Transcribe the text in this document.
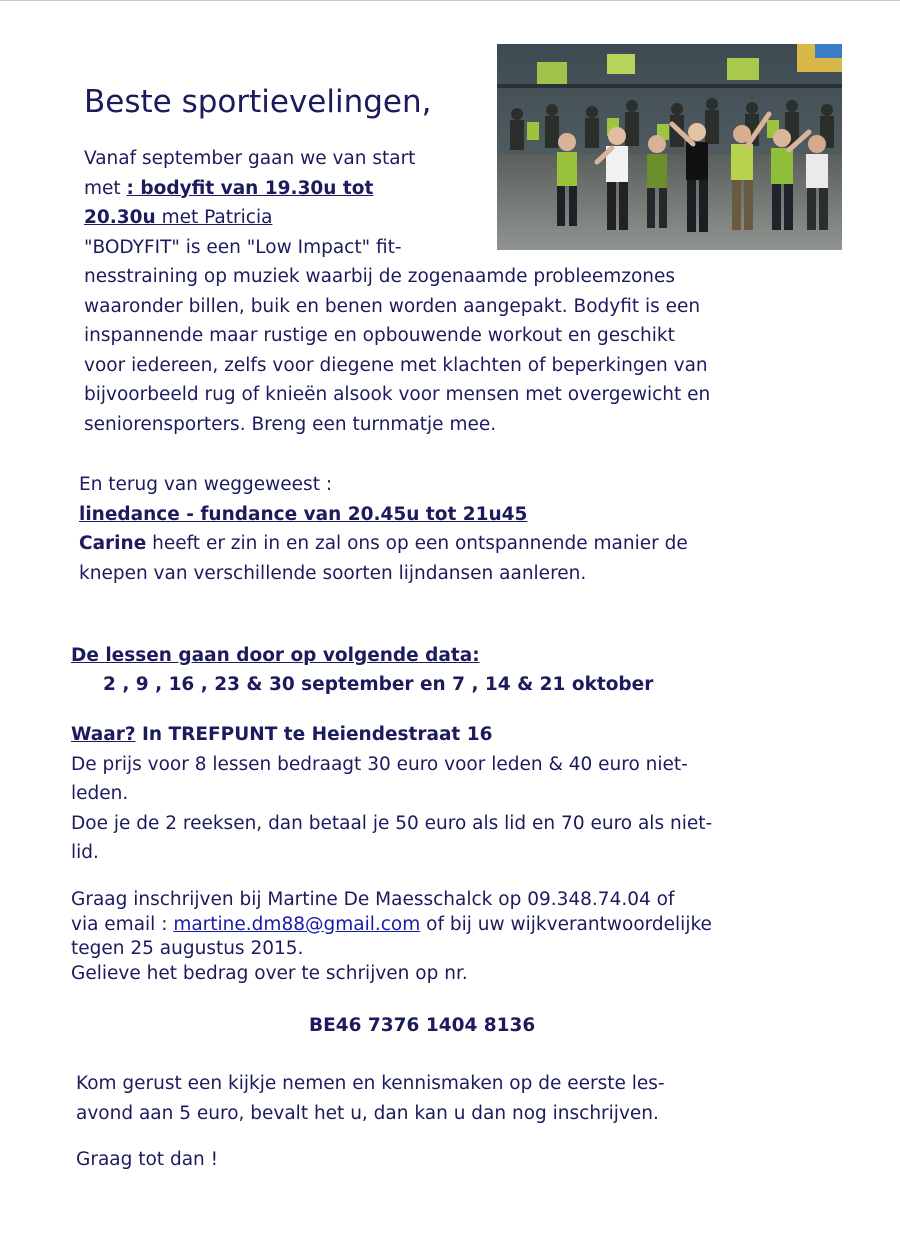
Beste sportievelingen,
Vanaf september gaan we van start
met : bodyfit van 19.30u tot
20.30u met Patricia
"BODYFIT" is een "Low Impact" fit-
nesstraining op muziek waarbij de zogenaamde probleemzones
waaronder billen, buik en benen worden aangepakt. Bodyfit is een
inspannende maar rustige en opbouwende workout en geschikt
voor iedereen, zelfs voor diegene met klachten of beperkingen van
bijvoorbeeld rug of knieën alsook voor mensen met overgewicht en
seniorensporters. Breng een turnmatje mee.
En terug van weggeweest :
linedance - fundance van 20.45u tot 21u45
Carine heeft er zin in en zal ons op een ontspannende manier de
knepen van verschillende soorten lijndansen aanleren.
De lessen gaan door op volgende data:
2 , 9 , 16 , 23 & 30 september en 7 , 14 & 21 oktober
Waar? In TREFPUNT te Heiendestraat 16
De prijs voor 8 lessen bedraagt 30 euro voor leden & 40 euro niet-
leden.
Doe je de 2 reeksen, dan betaal je 50 euro als lid en 70 euro als niet-
lid.
Graag inschrijven bij Martine De Maesschalck op 09.348.74.04 of
via email : martine.dm88@gmail.com of bij uw wijkverantwoordelijke
tegen 25 augustus 2015.
Gelieve het bedrag over te schrijven op nr.
BE46 7376 1404 8136
Kom gerust een kijkje nemen en kennismaken op de eerste les-
avond aan 5 euro, bevalt het u, dan kan u dan nog inschrijven.
Graag tot dan !
